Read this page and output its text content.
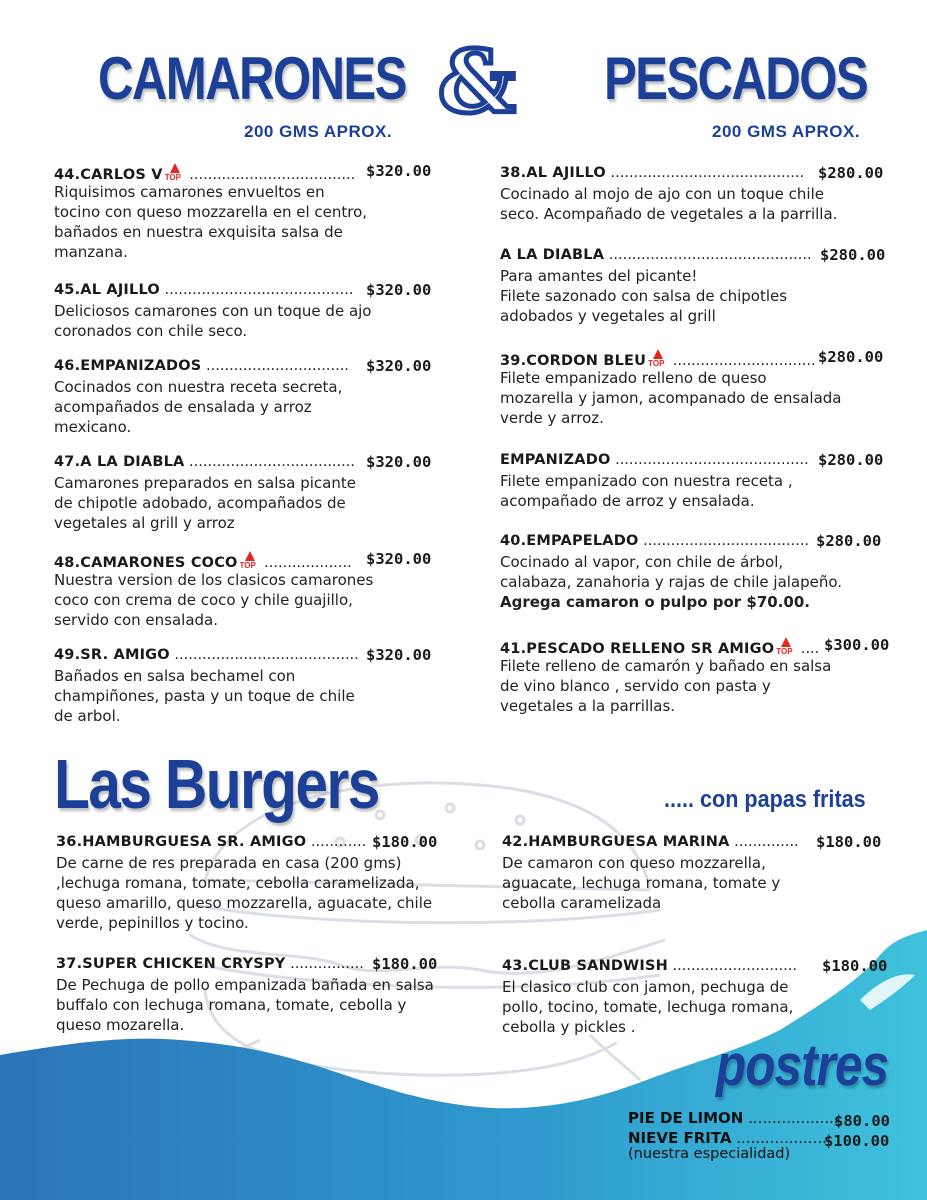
CAMARONES & PESCADOS
200 GMS APROX.	200 GMS APROX.
44.CARLOS V TOP .................................... $320.00
Riquisimos camarones envueltos en
tocino con queso mozzarella en el centro,
bañados en nuestra exquisita salsa de
manzana.
45.AL AJILLO ......................................... $320.00
Deliciosos camarones con un toque de ajo
coronados con chile seco.
46.EMPANIZADOS ............................... $320.00
Cocinados con nuestra receta secreta,
acompañados de ensalada y arroz
mexicano.
47.A LA DIABLA .................................... $320.00
Camarones preparados en salsa picante
de chipotle adobado, acompañados de
vegetales al grill y arroz
48.CAMARONES COCO TOP ................... $320.00
Nuestra version de los clasicos camarones
coco con crema de coco y chile guajillo,
servido con ensalada.
49.SR. AMIGO ........................................ $320.00
Bañados en salsa bechamel con
champiñones, pasta y un toque de chile
de arbol.
38.AL AJILLO .......................................... $280.00
Cocinado al mojo de ajo con un toque chile
seco. Acompañado de vegetales a la parrilla.
A LA DIABLA ............................................ $280.00
Para amantes del picante!
Filete sazonado con salsa de chipotles
adobados y vegetales al grill
39.CORDON BLEU TOP ............................... $280.00
Filete empanizado relleno de queso
mozarella y jamon, acompanado de ensalada
verde y arroz.
EMPANIZADO .......................................... $280.00
Filete empanizado con nuestra receta ,
acompañado de arroz y ensalada.
40.EMPAPELADO .................................... $280.00
Cocinado al vapor, con chile de árbol,
calabaza, zanahoria y rajas de chile jalapeño.
Agrega camaron o pulpo por $70.00.
41.PESCADO RELLENO SR AMIGO TOP .... $300.00
Filete relleno de camarón y bañado en salsa
de vino blanco , servido con pasta y
vegetales a la parrillas.
Las Burgers	..... con papas fritas
36.HAMBURGUESA SR. AMIGO ............ $180.00
De carne de res preparada en casa (200 gms)
,lechuga romana, tomate, cebolla caramelizada,
queso amarillo, queso mozzarella, aguacate, chile
verde, pepinillos y tocino.
42.HAMBURGUESA MARINA .............. $180.00
De camaron con queso mozzarella,
aguacate, lechuga romana, tomate y
cebolla caramelizada
37.SUPER CHICKEN CRYSPY ................ $180.00
De Pechuga de pollo empanizada bañada en salsa
buffalo con lechuga romana, tomate, cebolla y
queso mozarella.
43.CLUB SANDWISH ........................... $180.00
El clasico club con jamon, pechuga de
pollo, tocino, tomate, lechuga romana,
cebolla y pickles .
postres
PIE DE LIMON ...................
$80.00
NIEVE FRITA ...................
$100.00
(nuestra especialidad)
